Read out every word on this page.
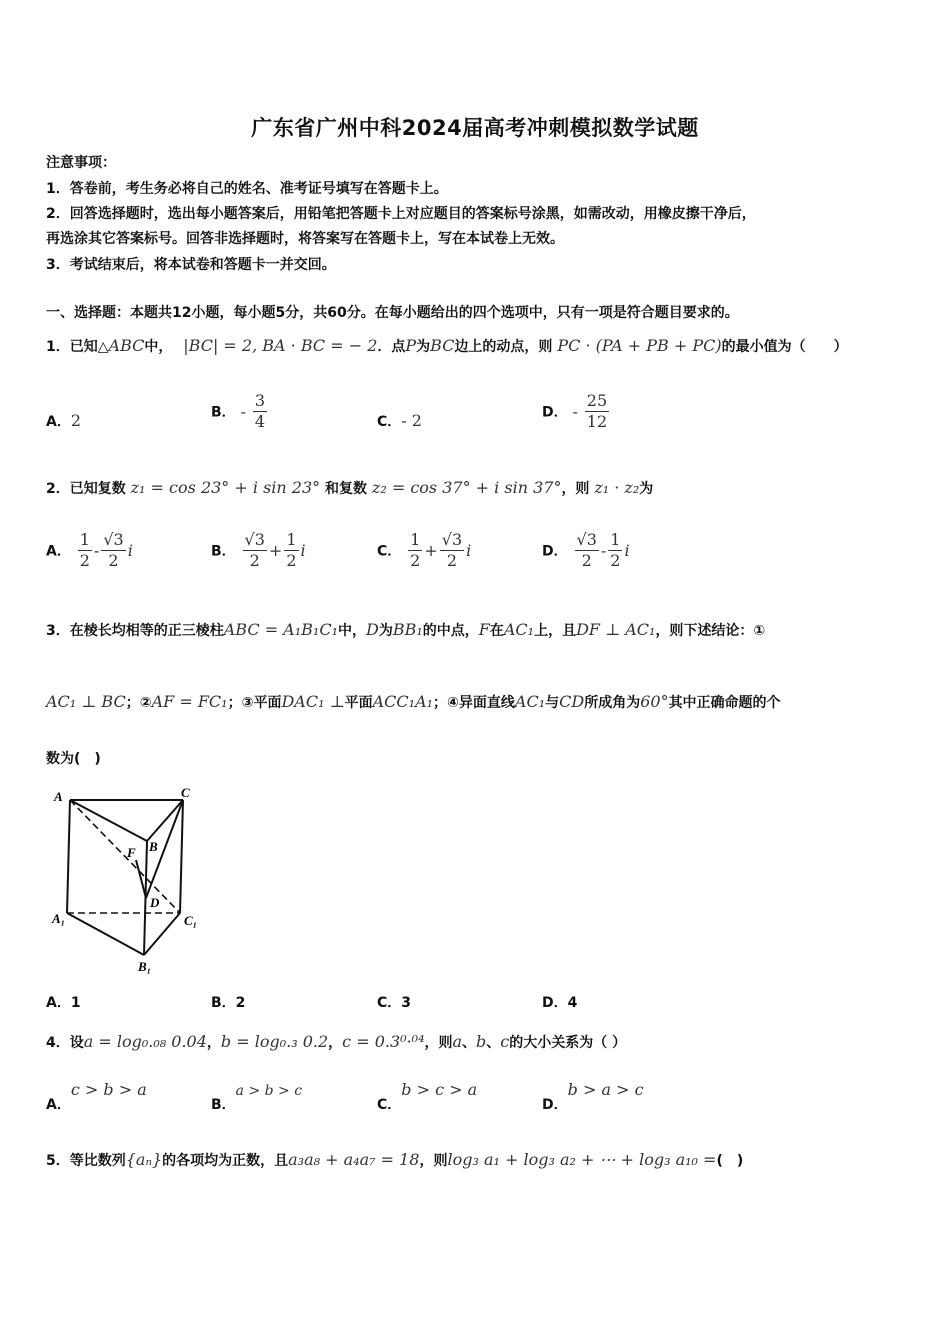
广东省广州中科2024届高考冲刺模拟数学试题
注意事项：
1．答卷前，考生务必将自己的姓名、准考证号填写在答题卡上。
2．回答选择题时，选出每小题答案后，用铅笔把答题卡上对应题目的答案标号涂黑，如需改动，用橡皮擦干净后，
再选涂其它答案标号。回答非选择题时，将答案写在答题卡上，写在本试卷上无效。
3．考试结束后，将本试卷和答题卡一并交回。
一、选择题：本题共12小题，每小题5分，共60分。在每小题给出的四个选项中，只有一项是符合题目要求的。
1．已知△ABC中， |BC| = 2, BA · BC = − 2．点P为BC边上的动点，则 PC · (PA + PB + PC)的最小值为（　　）
A．2	B． - $\frac{3}{4}$	C．- 2	D． - $\frac{25}{12}$
2．已知复数 z₁ = cos 23° + i sin 23° 和复数 z₂ = cos 37° + i sin 37°，则 z₁ · z₂为
A． $\frac{1}{2} - \frac{√3}{2}$ i	B． $\frac{√3}{2} + \frac{1}{2}$ i	C． $\frac{1}{2} + \frac{√3}{2}$ i	D． $\frac{√3}{2} - \frac{1}{2}$ i
3．在棱长均相等的正三棱柱ABC = A₁B₁C₁中，D为BB₁的中点，F在AC₁上，且DF ⊥ AC₁，则下述结论：①
AC₁ ⊥ BC；②AF = FC₁；③平面DAC₁ ⊥平面ACC₁A₁；④异面直线AC₁与CD所成角为60°其中正确命题的个
数为(　)
A	C
B
F
D
A₁	C₁
B₁
A．1	B．2	C．3	D．4
4．设a = log₀.₀₈ 0.04，b = log₀.₃ 0.2，c = 0.3⁰·⁰⁴，则a、b、c的大小关系为（ ）
A．c > b > a
B．a > b > c
C．b > c > a
D．b > a > c
5．等比数列{aₙ}的各项均为正数，且a₃a₈ + a₄a₇ = 18，则log₃ a₁ + log₃ a₂ + ⋯ + log₃ a₁₀ =(　)
